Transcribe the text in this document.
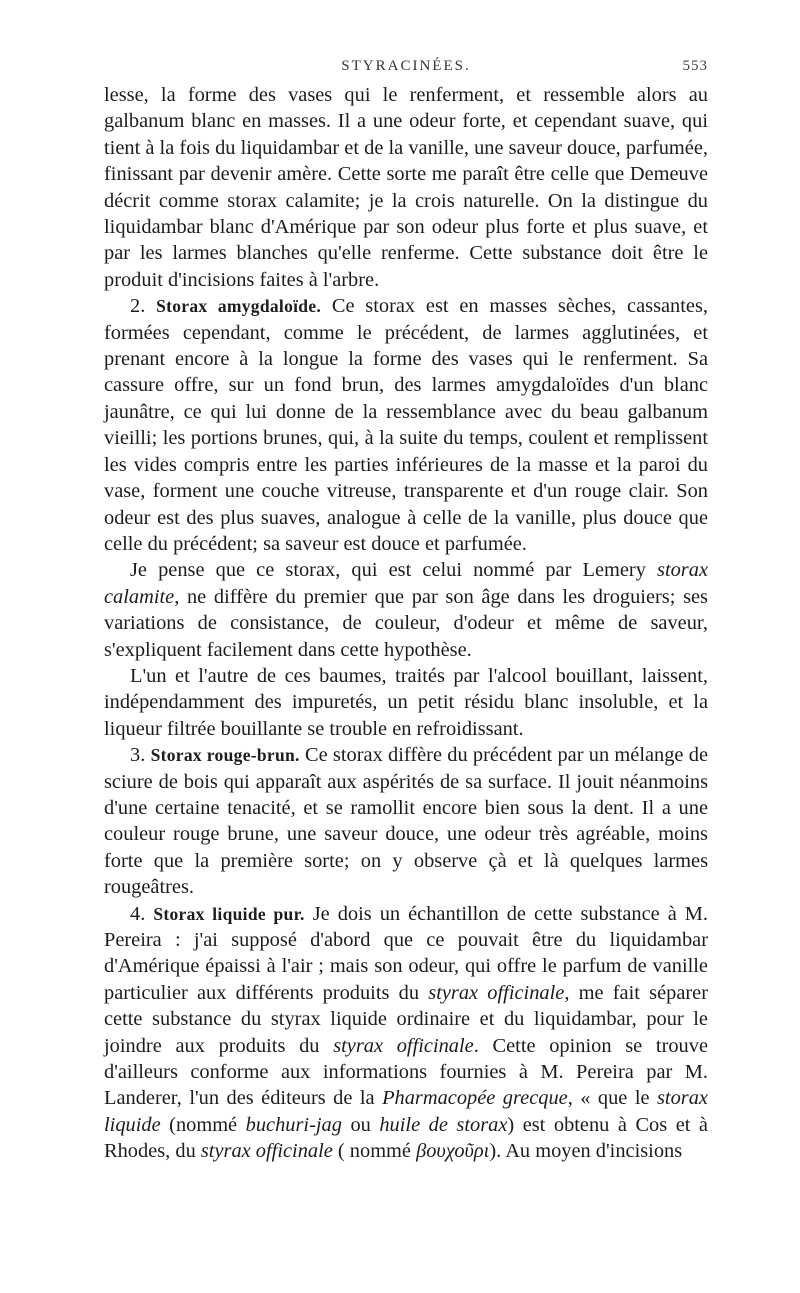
STYRACINÉES.	553

lesse, la forme des vases qui le renferment, et ressemble alors au galbanum blanc en masses. Il a une odeur forte, et cependant suave, qui tient à la fois du liquidambar et de la vanille, une saveur douce, parfumée, finissant par devenir amère. Cette sorte me paraît être celle que Demeuve décrit comme storax calamite; je la crois naturelle. On la distingue du liquidambar blanc d'Amérique par son odeur plus forte et plus suave, et par les larmes blanches qu'elle renferme. Cette substance doit être le produit d'incisions faites à l'arbre.

2. Storax amygdaloïde. Ce storax est en masses sèches, cassantes, formées cependant, comme le précédent, de larmes agglutinées, et prenant encore à la longue la forme des vases qui le renferment. Sa cassure offre, sur un fond brun, des larmes amygdaloïdes d'un blanc jaunâtre, ce qui lui donne de la ressemblance avec du beau galbanum vieilli; les portions brunes, qui, à la suite du temps, coulent et remplissent les vides compris entre les parties inférieures de la masse et la paroi du vase, forment une couche vitreuse, transparente et d'un rouge clair. Son odeur est des plus suaves, analogue à celle de la vanille, plus douce que celle du précédent; sa saveur est douce et parfumée.

Je pense que ce storax, qui est celui nommé par Lemery storax calamite, ne diffère du premier que par son âge dans les droguiers; ses variations de consistance, de couleur, d'odeur et même de saveur, s'expliquent facilement dans cette hypothèse.

L'un et l'autre de ces baumes, traités par l'alcool bouillant, laissent, indépendamment des impuretés, un petit résidu blanc insoluble, et la liqueur filtrée bouillante se trouble en refroidissant.

3. Storax rouge-brun. Ce storax diffère du précédent par un mélange de sciure de bois qui apparaît aux aspérités de sa surface. Il jouit néanmoins d'une certaine tenacité, et se ramollit encore bien sous la dent. Il a une couleur rouge brune, une saveur douce, une odeur très agréable, moins forte que la première sorte; on y observe çà et là quelques larmes rougeâtres.

4. Storax liquide pur. Je dois un échantillon de cette substance à M. Pereira : j'ai supposé d'abord que ce pouvait être du liquidambar d'Amérique épaissi à l'air ; mais son odeur, qui offre le parfum de vanille particulier aux différents produits du styrax officinale, me fait séparer cette substance du styrax liquide ordinaire et du liquidambar, pour le joindre aux produits du styrax officinale. Cette opinion se trouve d'ailleurs conforme aux informations fournies à M. Pereira par M. Landerer, l'un des éditeurs de la Pharmacopée grecque, « que le storax liquide (nommé buchuri-jag ou huile de storax) est obtenu à Cos et à Rhodes, du styrax officinale ( nommé βουχοῦρι). Au moyen d'incisions
